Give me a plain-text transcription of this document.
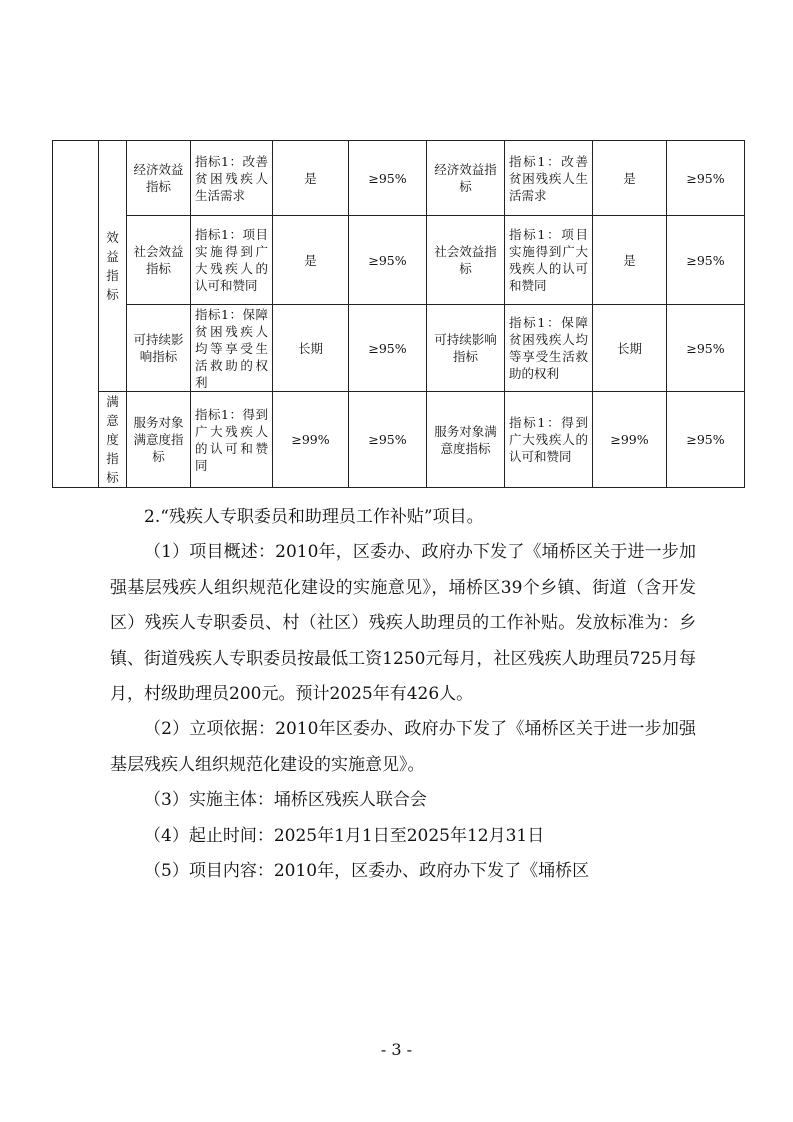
	效益指标	经济效益指标	指标1：改善贫困残疾人生活需求	是	≥95%	经济效益指标	指标1：改善贫困残疾人生活需求	是	≥95%
		社会效益指标	指标1：项目实施得到广大残疾人的认可和赞同	是	≥95%	社会效益指标	指标1：项目实施得到广大残疾人的认可和赞同	是	≥95%
		可持续影响指标	指标1：保障贫困残疾人均等享受生活救助的权利	长期	≥95%	可持续影响指标	指标1：保障贫困残疾人均等享受生活救助的权利	长期	≥95%
	满意度指标	服务对象满意度指标	指标1：得到广大残疾人的认可和赞同	≥99%	≥95%	服务对象满意度指标	指标1：得到广大残疾人的认可和赞同	≥99%	≥95%

2.“残疾人专职委员和助理员工作补贴”项目。

（1）项目概述：2010年，区委办、政府办下发了《埇桥区关于进一步加强基层残疾人组织规范化建设的实施意见》，埇桥区39个乡镇、街道（含开发区）残疾人专职委员、村（社区）残疾人助理员的工作补贴。发放标准为：乡镇、街道残疾人专职委员按最低工资1250元每月，社区残疾人助理员725月每月，村级助理员200元。预计2025年有426人。

（2）立项依据：2010年区委办、政府办下发了《埇桥区关于进一步加强基层残疾人组织规范化建设的实施意见》。

（3）实施主体：埇桥区残疾人联合会

（4）起止时间：2025年1月1日至2025年12月31日

（5）项目内容：2010年，区委办、政府办下发了《埇桥区

- 3 -
